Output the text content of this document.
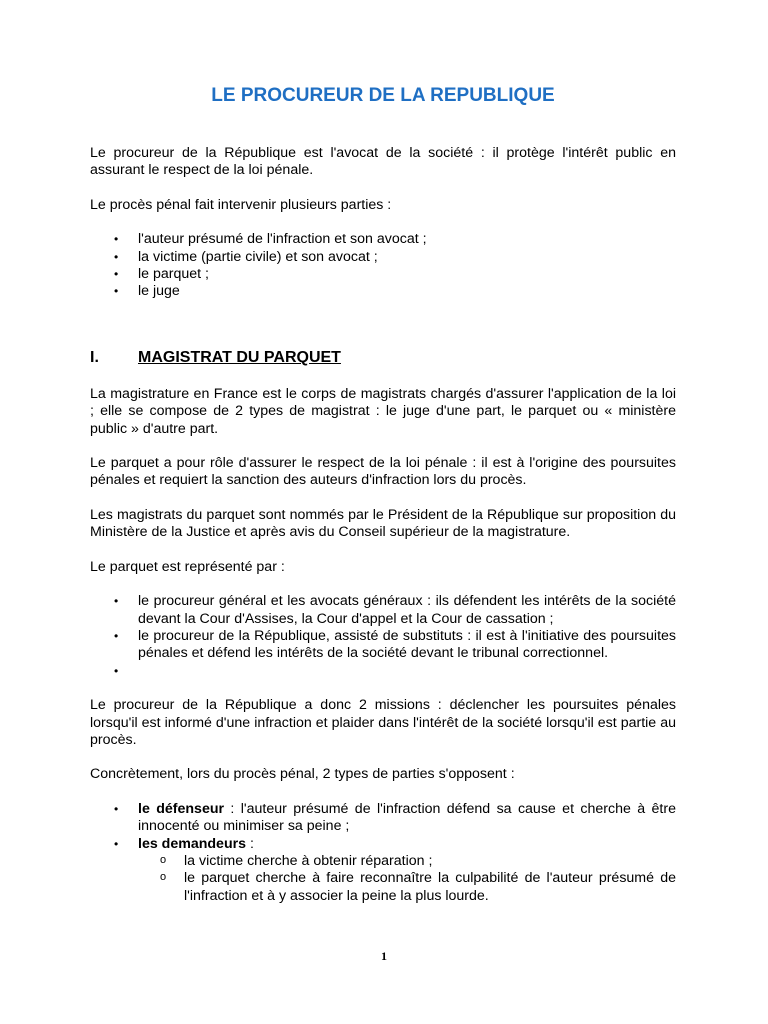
LE PROCUREUR DE LA REPUBLIQUE

Le procureur de la République est l'avocat de la société : il protège l'intérêt public en assurant le respect de la loi pénale.

Le procès pénal fait intervenir plusieurs parties :

• l'auteur présumé de l'infraction et son avocat ;
• la victime (partie civile) et son avocat ;
• le parquet ;
• le juge
I.	MAGISTRAT DU PARQUET

La magistrature en France est le corps de magistrats chargés d'assurer l'application de la loi ; elle se compose de 2 types de magistrat : le juge d'une part, le parquet ou « ministère public » d'autre part.

Le parquet a pour rôle d'assurer le respect de la loi pénale : il est à l'origine des poursuites pénales et requiert la sanction des auteurs d'infraction lors du procès.

Les magistrats du parquet sont nommés par le Président de la République sur proposition du Ministère de la Justice et après avis du Conseil supérieur de la magistrature.

Le parquet est représenté par :

• le procureur général et les avocats généraux : ils défendent les intérêts de la société devant la Cour d'Assises, la Cour d'appel et la Cour de cassation ;
• le procureur de la République, assisté de substituts : il est à l'initiative des poursuites pénales et défend les intérêts de la société devant le tribunal correctionnel.
•

Le procureur de la République a donc 2 missions : déclencher les poursuites pénales lorsqu'il est informé d'une infraction et plaider dans l'intérêt de la société lorsqu'il est partie au procès.

Concrètement, lors du procès pénal, 2 types de parties s'opposent :

• le défenseur : l'auteur présumé de l'infraction défend sa cause et cherche à être innocenté ou minimiser sa peine ;
• les demandeurs :
o la victime cherche à obtenir réparation ;
o le parquet cherche à faire reconnaître la culpabilité de l'auteur présumé de l'infraction et à y associer la peine la plus lourde.
1
